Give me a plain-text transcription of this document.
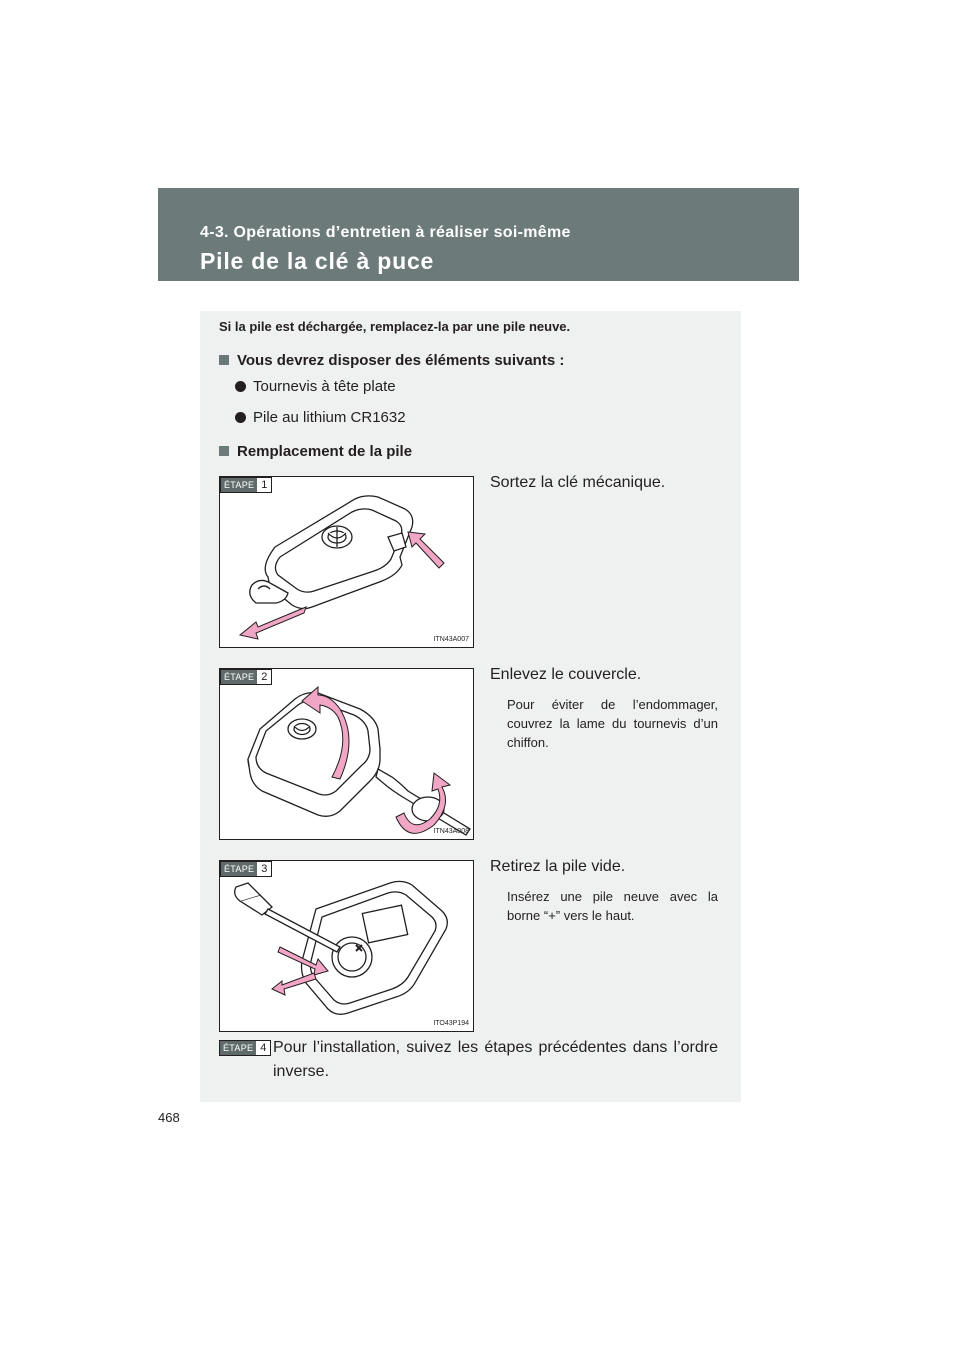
4-3. Opérations d’entretien à réaliser soi-même
Pile de la clé à puce
Si la pile est déchargée, remplacez-la par une pile neuve.
Vous devrez disposer des éléments suivants :
Tournevis à tête plate
Pile au lithium CR1632
Remplacement de la pile
ÉTAPE 1
ITN43A007
Sortez la clé mécanique.
ÉTAPE 2
ITN43A008
Enlevez le couvercle.
Pour éviter de l’endommager, couvrez la lame du tournevis d’un chiffon.
ÉTAPE 3
ITO43P194
Retirez la pile vide.
Insérez une pile neuve avec la borne “+” vers le haut.
ÉTAPE 4 Pour l’installation, suivez les étapes précédentes dans l’ordre inverse.
468
